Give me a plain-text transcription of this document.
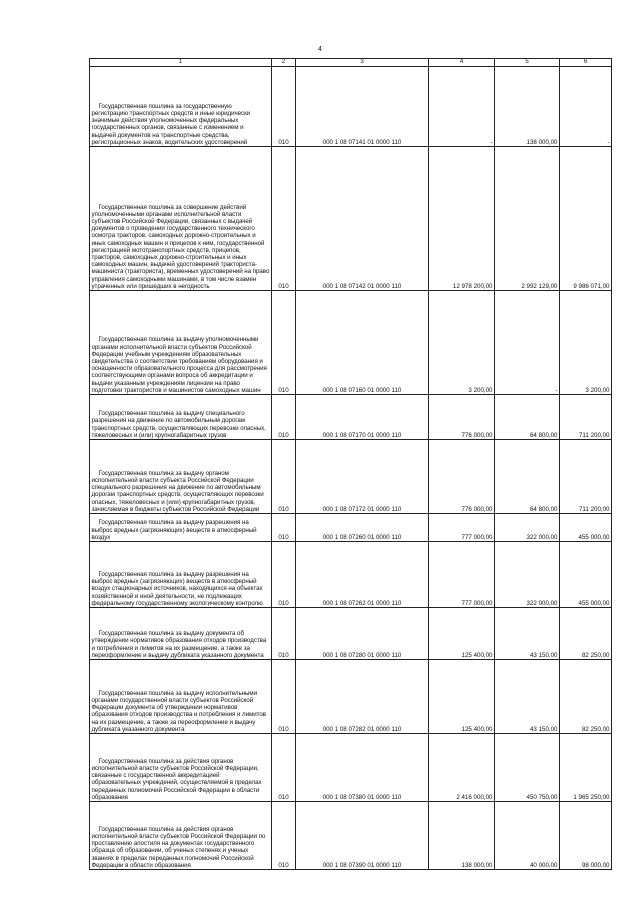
4
1	2	3	4	5	6
Государственная пошлина за государственную регистрацию транспортных средств и иные юридически значимые действия уполномоченных федеральных государственных органов, связанные с изменением и выдачей документов на транспортные средства, регистрационных знаков, водительских удостоверений	010	000 1 08 07141 01 0000 110	-	138 000,00	-
Государственная пошлина за совершение действий уполномоченными органами исполнительной власти субъектов Российской Федерации, связанных с выдачей документов о проведении государственного технического осмотра тракторов, самоходных дорожно-строительных и иных самоходных машин и прицепов к ним, государственной регистрацией мототранспортных средств, прицепов, тракторов, самоходных дорожно-строительных и иных самоходных машин, выдачей удостоверений тракториста-машиниста (тракториста), временных удостоверений на право управления самоходными машинами, в том числе взамен утраченных или пришедших в негодность	010	000 1 08 07142 01 0000 110	12 978 200,00	2 992 129,00	9 986 071,00
Государственная пошлина за выдачу уполномоченными органами исполнительной власти субъектов Российской Федерации учебным учреждениям образовательных свидетельства о соответствии требованиям оборудования и оснащенности образовательного процесса для рассмотрения соответствующими органами вопроса об аккредитации и выдачи указанным учреждениям лицензии на право подготовки трактористов и машинистов самоходных машин	010	000 1 08 07160 01 0000 110	3 200,00	-	3 200,00
Государственная пошлина за выдачу специального разрешения на движение по автомобильным дорогам транспортных средств, осуществляющих перевозки опасных, тяжеловесных и (или) крупногабаритных грузов	010	000 1 08 07170 01 0000 110	776 000,00	64 800,00	711 200,00
Государственная пошлина за выдачу органом исполнительной власти субъекта Российской Федерации специального разрешения на движение по автомобильным дорогам транспортных средств, осуществляющих перевозки опасных, тяжеловесных и (или) крупногабаритных грузов, зачисляемая в бюджеты субъектов Российской Федерации	010	000 1 08 07172 01 0000 110	776 000,00	64 800,00	711 200,00
Государственная пошлина за выдачу разрешения на выброс вредных (загрязняющих) веществ в атмосферный воздух	010	000 1 08 07260 01 0000 110	777 000,00	322 000,00	455 000,00
Государственная пошлина за выдачу разрешения на выброс вредных (загрязняющих) веществ в атмосферный воздух стационарных источников, находящихся на объектах хозяйственной и иной деятельности, не подлежащих федеральному государственному экологическому контролю	010	000 1 08 07262 01 0000 110	777 000,00	322 000,00	455 000,00
Государственная пошлина за выдачу документа об утверждении нормативов образования отходов производства и потребления и лимитов на их размещение, а также за переоформление и выдачу дубликата указанного документа	010	000 1 08 07280 01 0000 110	125 400,00	43 150,00	82 250,00
Государственная пошлина за выдачу исполнительными органами государственной власти субъектов Российской Федерации документа об утверждении нормативов образования отходов производства и потребления и лимитов на их размещение, а также за переоформление и выдачу дубликата указанного документа	010	000 1 08 07282 01 0000 110	125 400,00	43 150,00	82 250,00
Государственная пошлина за действия органов исполнительной власти субъектов Российской Федерации, связанные с государственной аккредитацией образовательных учреждений, осуществляемой в пределах переданных полномочий Российской Федерации в области образования	010	000 1 08 07380 01 0000 110	2 416 000,00	450 750,00	1 965 250,00
Государственная пошлина за действия органов исполнительной власти субъектов Российской Федерации по проставлению апостиля на документах государственного образца об образовании, об ученых степенях и ученых званиях в пределах переданных полномочий Российской Федерации в области образования	010	000 1 08 07390 01 0000 110	138 000,00	40 000,00	98 000,00
